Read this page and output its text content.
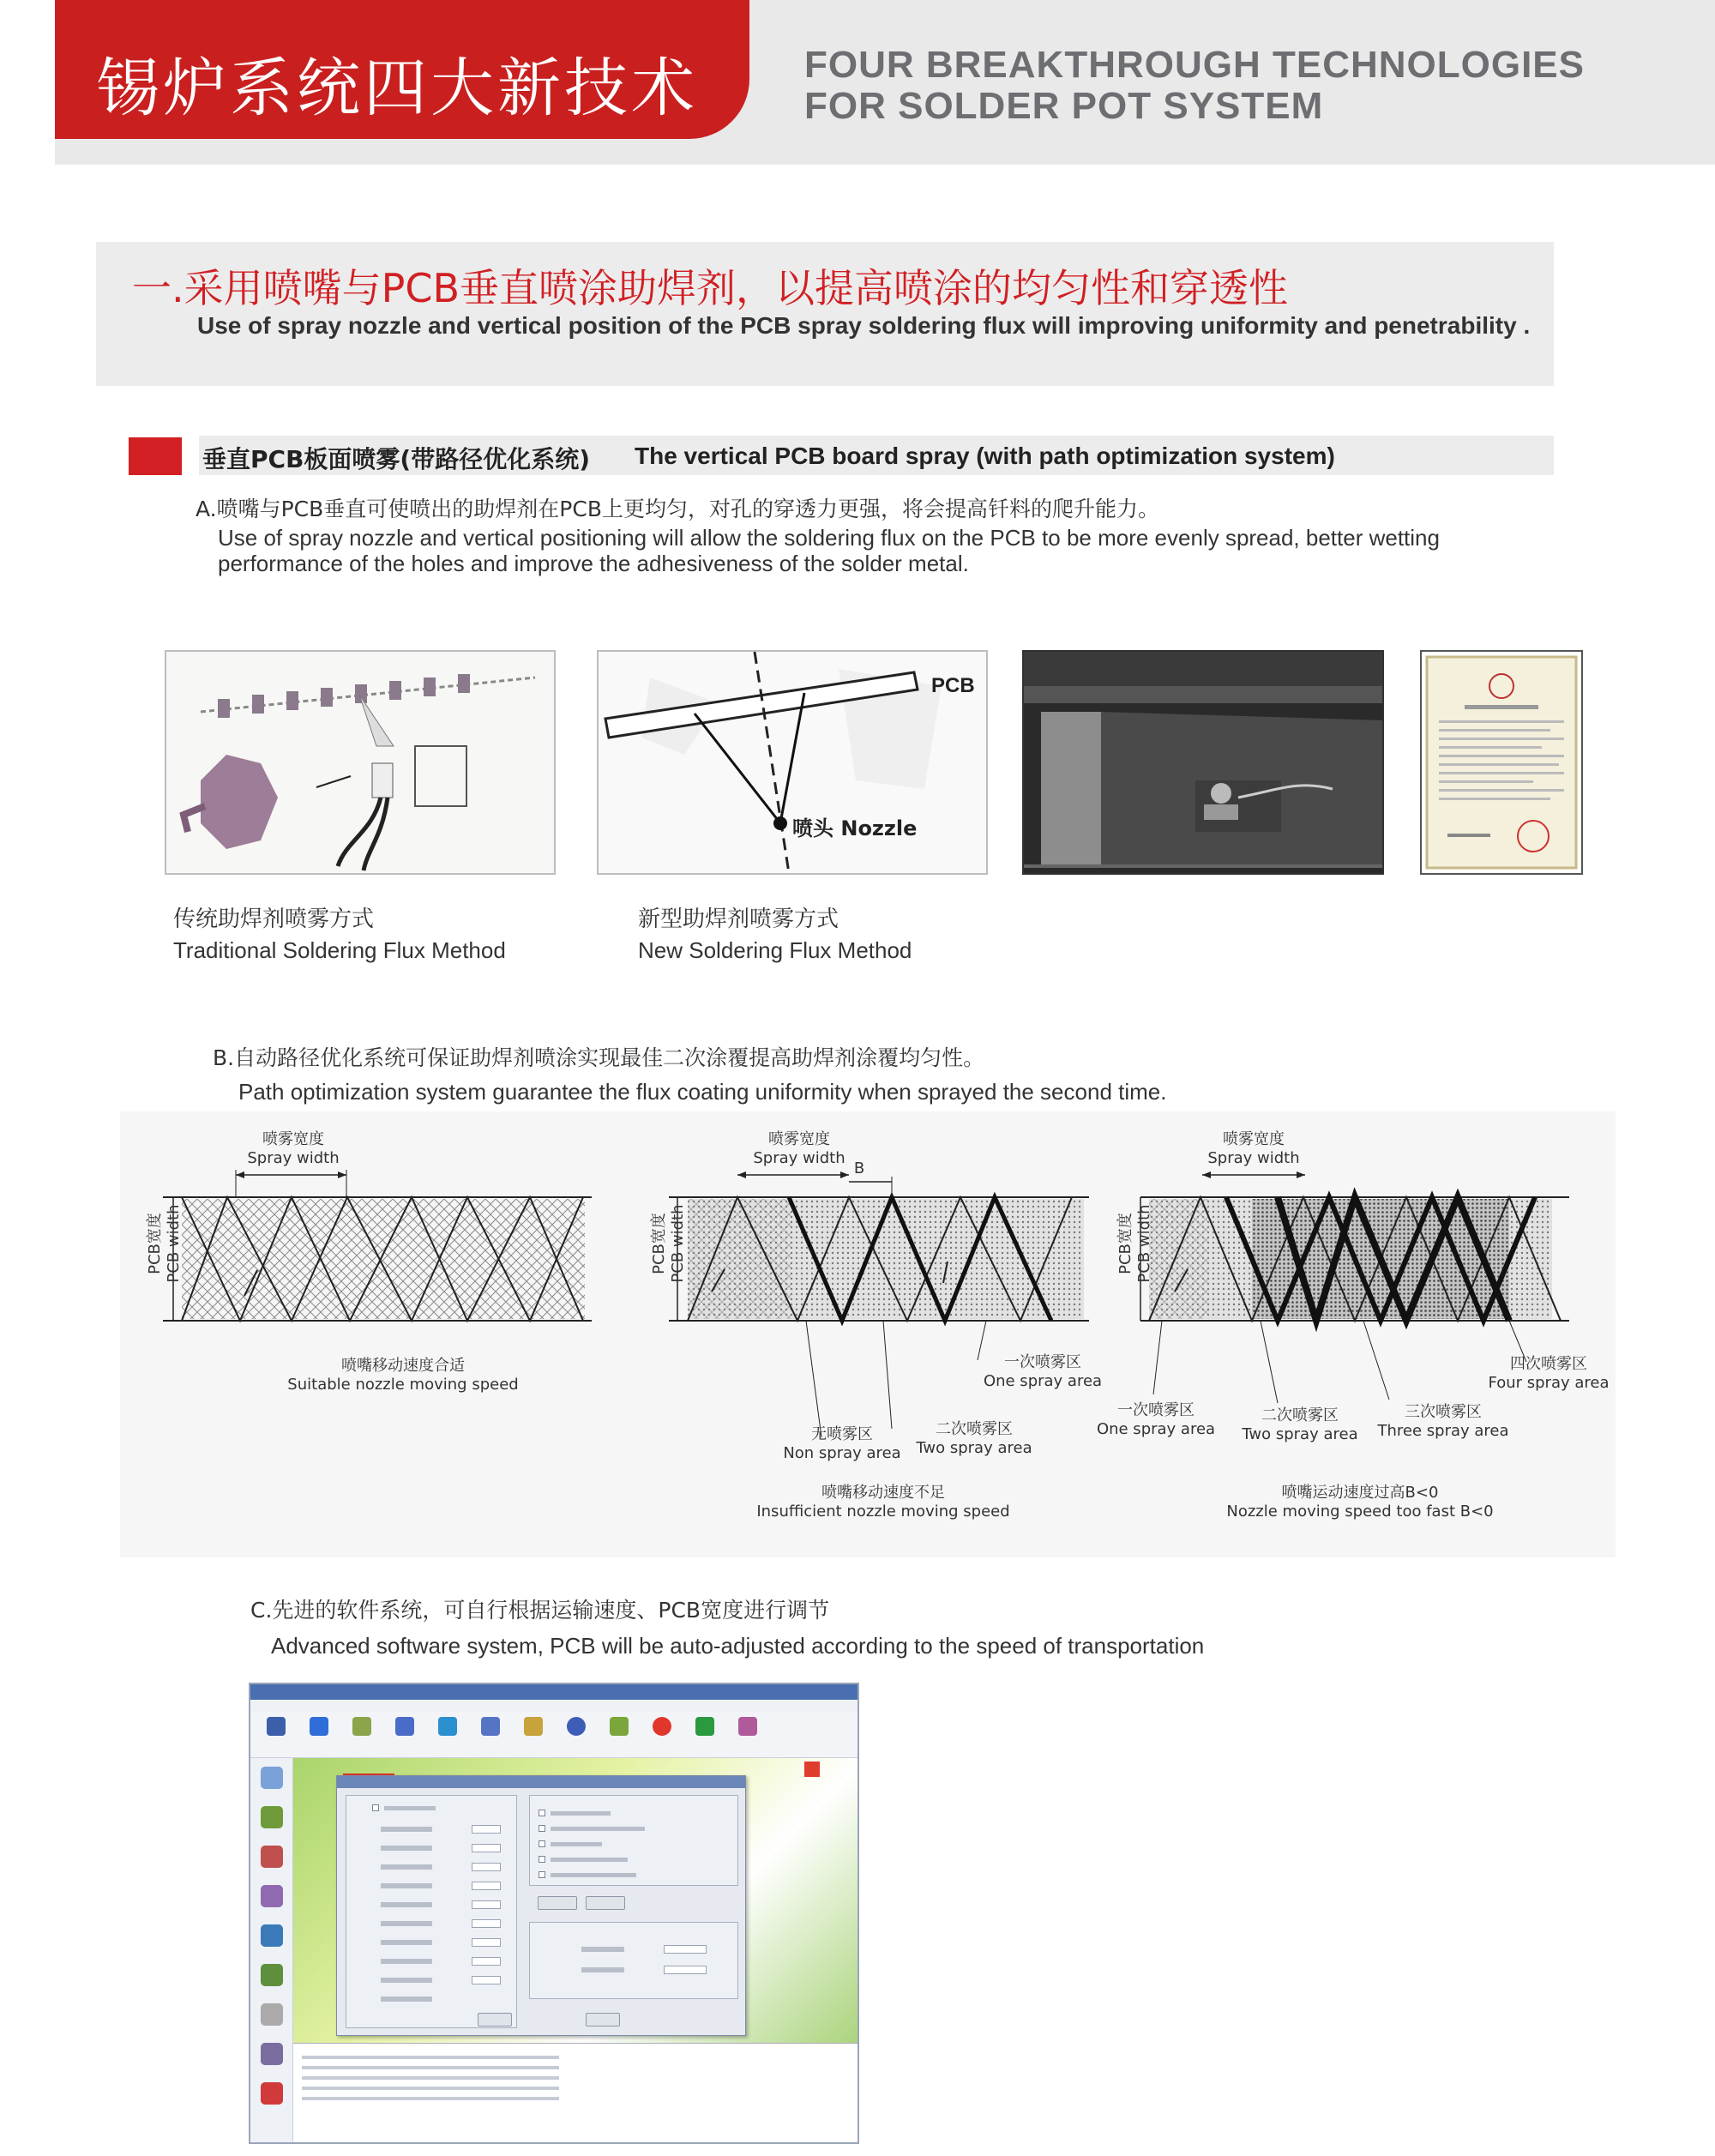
锡炉系统四大新技术	FOUR BREAKTHROUGH TECHNOLOGIES
FOR SOLDER POT SYSTEM
一.采用喷嘴与PCB垂直喷涂助焊剂，以提高喷涂的均匀性和穿透性
Use of spray nozzle and vertical position of the PCB spray soldering flux will improving uniformity and penetrability .
垂直PCB板面喷雾(带路径优化系统) The vertical PCB board spray (with path optimization system)
A.喷嘴与PCB垂直可使喷出的助焊剂在PCB上更均匀，对孔的穿透力更强，将会提高钎料的爬升能力。
Use of spray nozzle and vertical positioning will allow the soldering flux on the PCB to be more evenly spread, better wetting performance of the holes and improve the adhesiveness of the solder metal.
PCB
喷头 Nozzle
传统助焊剂喷雾方式
Traditional Soldering Flux Method
新型助焊剂喷雾方式
New Soldering Flux Method
B.自动路径优化系统可保证助焊剂喷涂实现最佳二次涂覆提高助焊剂涂覆均匀性。
Path optimization system guarantee the flux coating uniformity when sprayed the second time.
喷雾宽度
Spray width
PCB宽度 PCB width
喷嘴移动速度合适
Suitable nozzle moving speed
喷雾宽度
Spray width
B
PCB宽度 PCB width
一次喷雾区
One spray area
无喷雾区
Non spray area
二次喷雾区
Two spray area
喷嘴移动速度不足
Insufficient nozzle moving speed
喷雾宽度
Spray width
PCB宽度 PCB width
四次喷雾区
Four spray area
一次喷雾区
One spray area
二次喷雾区
Two spray area
三次喷雾区
Three spray area
喷嘴运动速度过高B<0
Nozzle moving speed too fast B<0
C.先进的软件系统，可自行根据运输速度、PCB宽度进行调节
Advanced software system, PCB will be auto-adjusted according to the speed of transportation
